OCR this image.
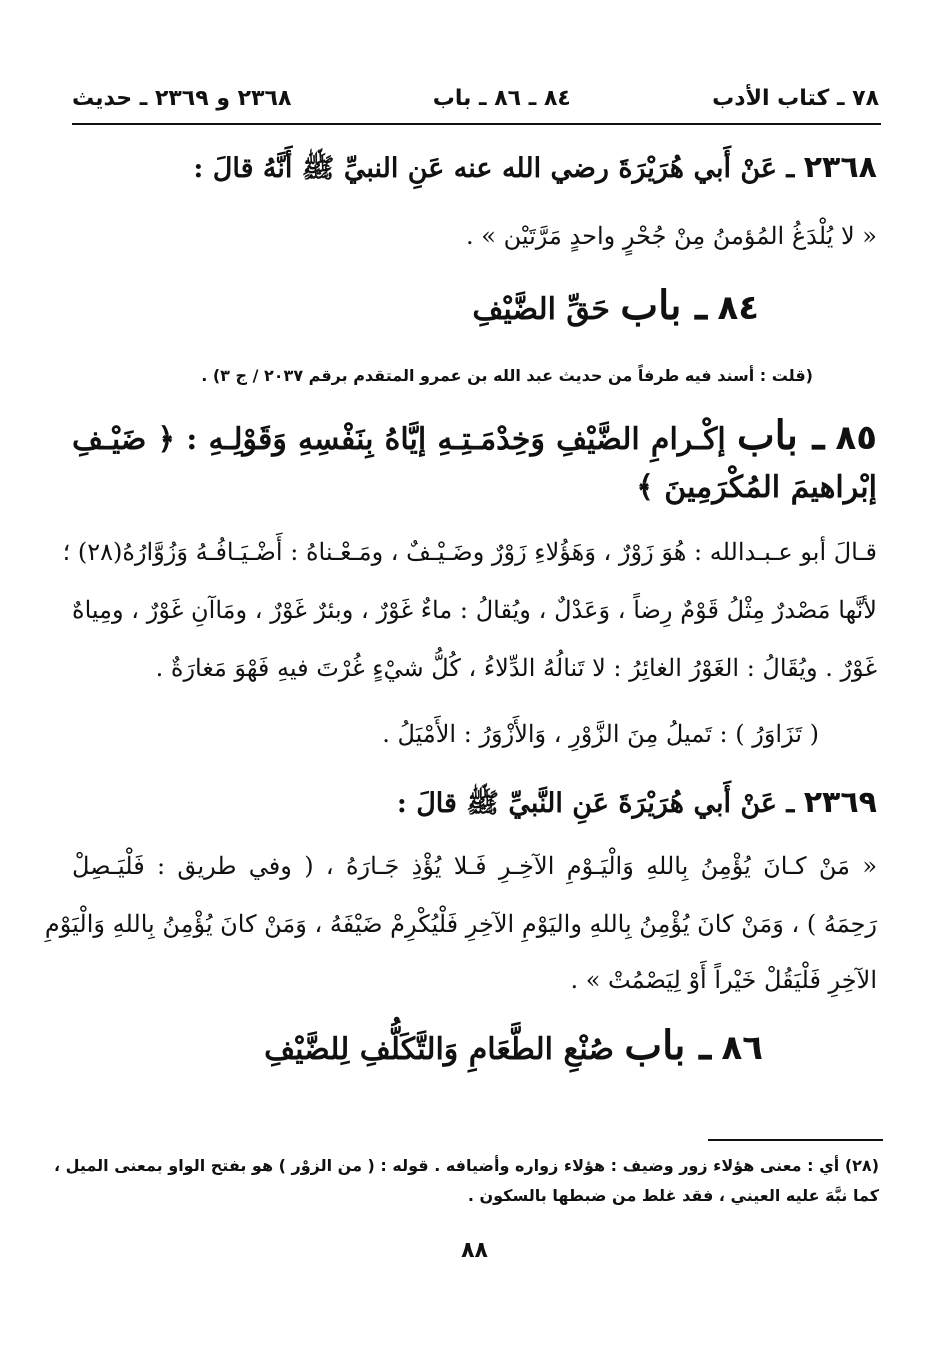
٧٨ ـ كتاب الأدب
٨٤ ـ ٨٦ ـ باب
٢٣٦٨ و ٢٣٦٩ ـ حديث
٢٣٦٨ ـ عَنْ أَبي هُرَيْرَةَ رضي الله عنه عَنِ النبيِّ ﷺ أَنَّهُ قالَ :
« لا يُلْدَغُ المُؤمنُ مِنْ جُحْرٍ واحدٍ مَرَّتَيْن » .
٨٤ ـ باب حَقِّ الضَّيْفِ
(قلت : أسند فيه طرفاً من حديث عبد الله بن عمرو المتقدم برقم ٢٠٣٧ / ج ٣) .
٨٥ ـ باب إكْـرامِ الضَّيْفِ وَخِدْمَـتِـهِ إيَّاهُ بِنَفْسِهِ وَقَوْلِـهِ : ﴿ ضَيْـفِ
إبْراهيمَ المُكْرَمِينَ ﴾
قـالَ أبو عـبـدالله : هُوَ زَوْرٌ ، وَهَؤُلاءِ زَوْرٌ وضَـيْـفٌ ، ومَـعْـناهُ : أَضْـيَـافُـهُ وَزُوَّارُهُ(٢٨) ؛
لأنَّها مَصْدرٌ مِثْلُ قَوْمٌ رِضاً ، وَعَدْلٌ ، ويُقالُ : ماءٌ غَوْرٌ ، وبئرٌ غَوْرٌ ، ومَاآنِ غَوْرٌ ، ومِياهٌ
غَوْرٌ . ويُقَالُ : الغَوْرُ الغائِرُ : لا تَنالُهُ الدِّلاءُ ، كُلُّ شيْءٍ غُرْتَ فيهِ فَهْوَ مَغارَةٌ .
( تَزَاوَرُ ) : تَميلُ مِنَ الزَّوْرِ ، وَالأَزْوَرُ : الأَمْيَلُ .
٢٣٦٩ ـ عَنْ أَبي هُرَيْرَةَ عَنِ النَّبيِّ ﷺ قالَ :
« مَنْ كـانَ يُؤْمِنُ بِاللهِ وَالْيَـوْمِ الآخِـرِ فَـلا يُؤْذِ جَـارَهُ ، ( وفي طريق : فَلْيَـصِلْ
رَحِمَهُ ) ، وَمَنْ كانَ يُؤْمِنُ بِاللهِ واليَوْمِ الآخِرِ فَلْيُكْرِمْ ضَيْفَهُ ، وَمَنْ كانَ يُؤْمِنُ بِاللهِ وَالْيَوْمِ
الآخِرِ فَلْيَقُلْ خَيْراً أَوْ لِيَصْمُتْ » .
٨٦ ـ باب صُنْعِ الطَّعَامِ وَالتَّكَلُّفِ لِلضَّيْفِ
(٢٨) أي : معنى هؤلاء زور وضيف : هؤلاء زواره وأضيافه . قوله : ( من الزوْر ) هو بفتح الواو بمعنى الميل ،
كما نبَّهَ عليه العيني ، فقد غلط من ضبطها بالسكون .
٨٨
